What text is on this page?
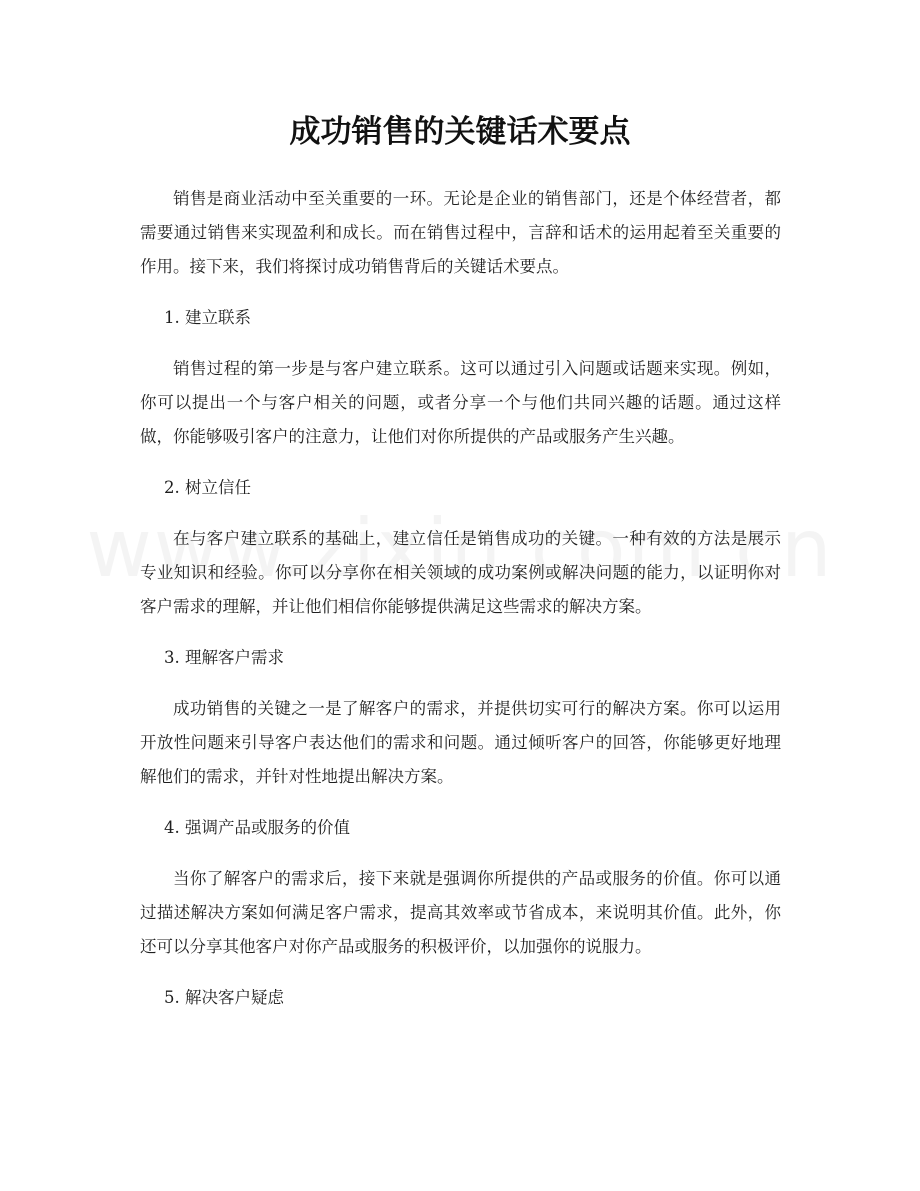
成功销售的关键话术要点

销售是商业活动中至关重要的一环。无论是企业的销售部门，还是个体经营者，都需要通过销售来实现盈利和成长。而在销售过程中，言辞和话术的运用起着至关重要的作用。接下来，我们将探讨成功销售背后的关键话术要点。

1. 建立联系

销售过程的第一步是与客户建立联系。这可以通过引入问题或话题来实现。例如，你可以提出一个与客户相关的问题，或者分享一个与他们共同兴趣的话题。通过这样做，你能够吸引客户的注意力，让他们对你所提供的产品或服务产生兴趣。

2. 树立信任

在与客户建立联系的基础上，建立信任是销售成功的关键。一种有效的方法是展示专业知识和经验。你可以分享你在相关领域的成功案例或解决问题的能力，以证明你对客户需求的理解，并让他们相信你能够提供满足这些需求的解决方案。

3. 理解客户需求

成功销售的关键之一是了解客户的需求，并提供切实可行的解决方案。你可以运用开放性问题来引导客户表达他们的需求和问题。通过倾听客户的回答，你能够更好地理解他们的需求，并针对性地提出解决方案。

4. 强调产品或服务的价值

当你了解客户的需求后，接下来就是强调你所提供的产品或服务的价值。你可以通过描述解决方案如何满足客户需求，提高其效率或节省成本，来说明其价值。此外，你还可以分享其他客户对你产品或服务的积极评价，以加强你的说服力。

5. 解决客户疑虑
